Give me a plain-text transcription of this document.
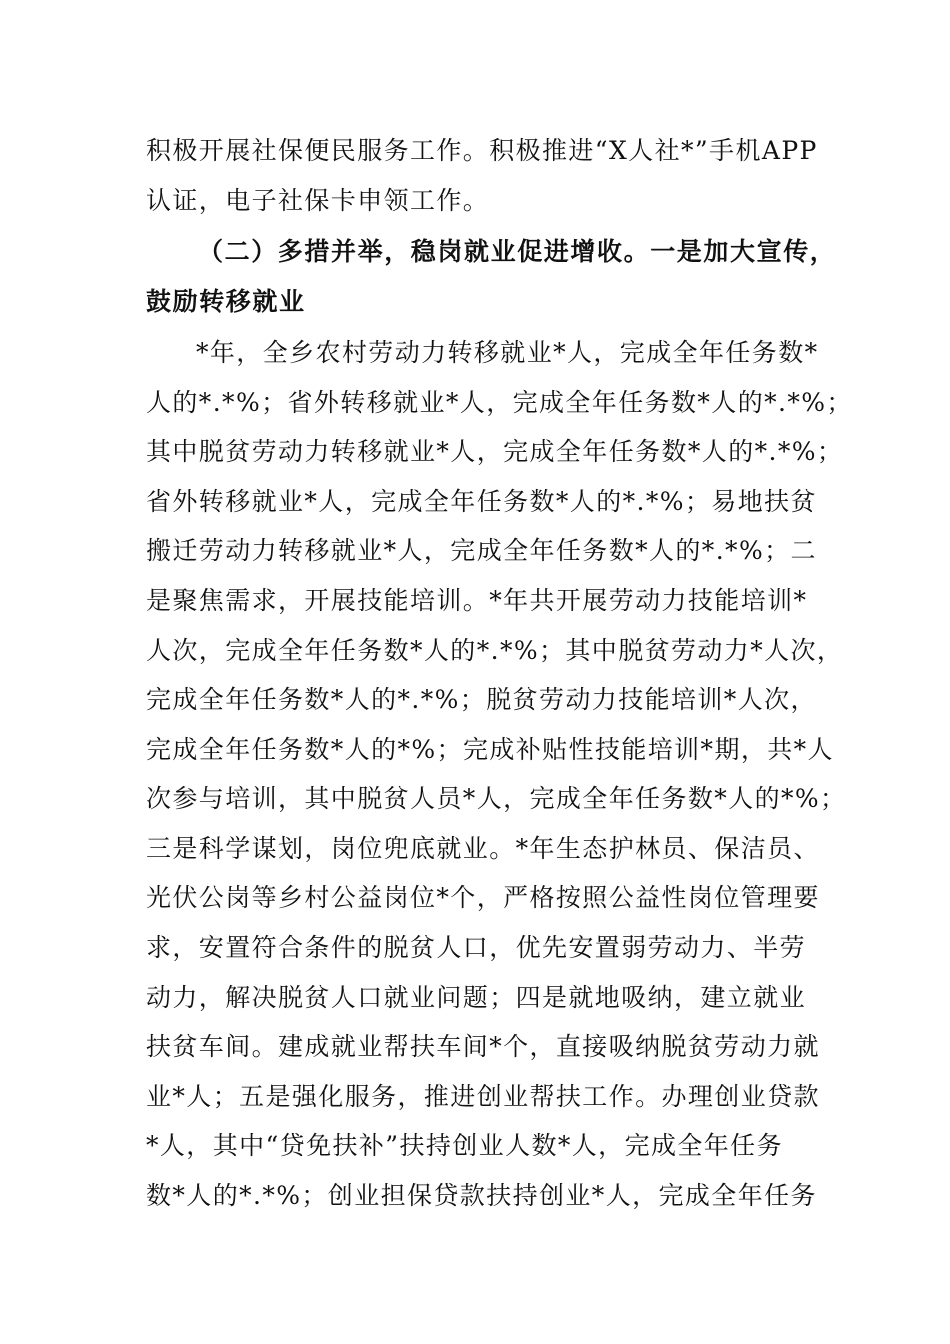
积极开展社保便民服务工作。积极推进“X人社*”手机APP
认证，电子社保卡申领工作。
（二）多措并举，稳岗就业促进增收。一是加大宣传，
鼓励转移就业
*年，全乡农村劳动力转移就业*人，完成全年任务数*
人的*.*%；省外转移就业*人，完成全年任务数*人的*.*%；
其中脱贫劳动力转移就业*人，完成全年任务数*人的*.*%；
省外转移就业*人，完成全年任务数*人的*.*%；易地扶贫
搬迁劳动力转移就业*人，完成全年任务数*人的*.*%；二
是聚焦需求，开展技能培训。*年共开展劳动力技能培训*
人次，完成全年任务数*人的*.*%；其中脱贫劳动力*人次，
完成全年任务数*人的*.*%；脱贫劳动力技能培训*人次，
完成全年任务数*人的*%；完成补贴性技能培训*期，共*人
次参与培训，其中脱贫人员*人，完成全年任务数*人的*%；
三是科学谋划，岗位兜底就业。*年生态护林员、保洁员、
光伏公岗等乡村公益岗位*个，严格按照公益性岗位管理要
求，安置符合条件的脱贫人口，优先安置弱劳动力、半劳
动力，解决脱贫人口就业问题；四是就地吸纳，建立就业
扶贫车间。建成就业帮扶车间*个，直接吸纳脱贫劳动力就
业*人；五是强化服务，推进创业帮扶工作。办理创业贷款
*人，其中“贷免扶补”扶持创业人数*人，完成全年任务
数*人的*.*%；创业担保贷款扶持创业*人，完成全年任务
